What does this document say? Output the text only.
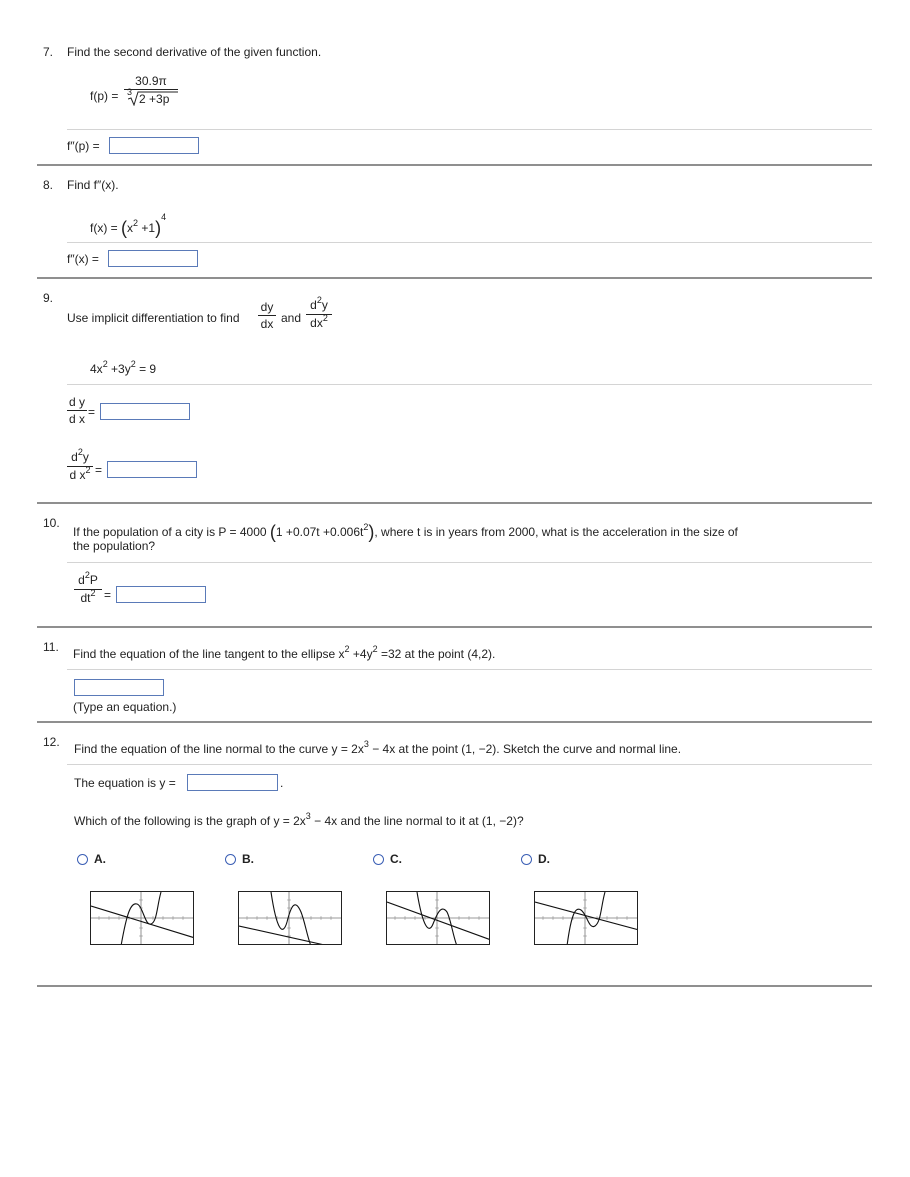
7. Find the second derivative of the given function.
f(p) =
30.9π
3 2 +3p
f″(p) =
8. Find f″(x).
$f(x) = (x^2 +1)^4$
f″(x) =
9.
Use implicit differentiation to find
dy
dx and
$d^2y$
$dx^2$
$4x^2 +3y^2 = 9$
d y
d x =
$d^2y$
d $x^2$ =
10.
If the population of a city is P = 4000 $(1 +0.07t +0.006t^2)$, where t is in years from 2000, what is the acceleration in the size of
the population?
$d^2P$
$dt^2$ =
11. Find the equation of the line tangent to the ellipse $x^2 +4y^2 =32$ at the point (4,2).
(Type an equation.)
12. Find the equation of the line normal to the curve $y = 2x^3 - 4x$ at the point (1, −2). Sketch the curve and normal line.
The equation is y =	.
Which of the following is the graph of $y = 2x^3 - 4x$ and the line normal to it at (1, −2)?
A.	B.	C.	D.
